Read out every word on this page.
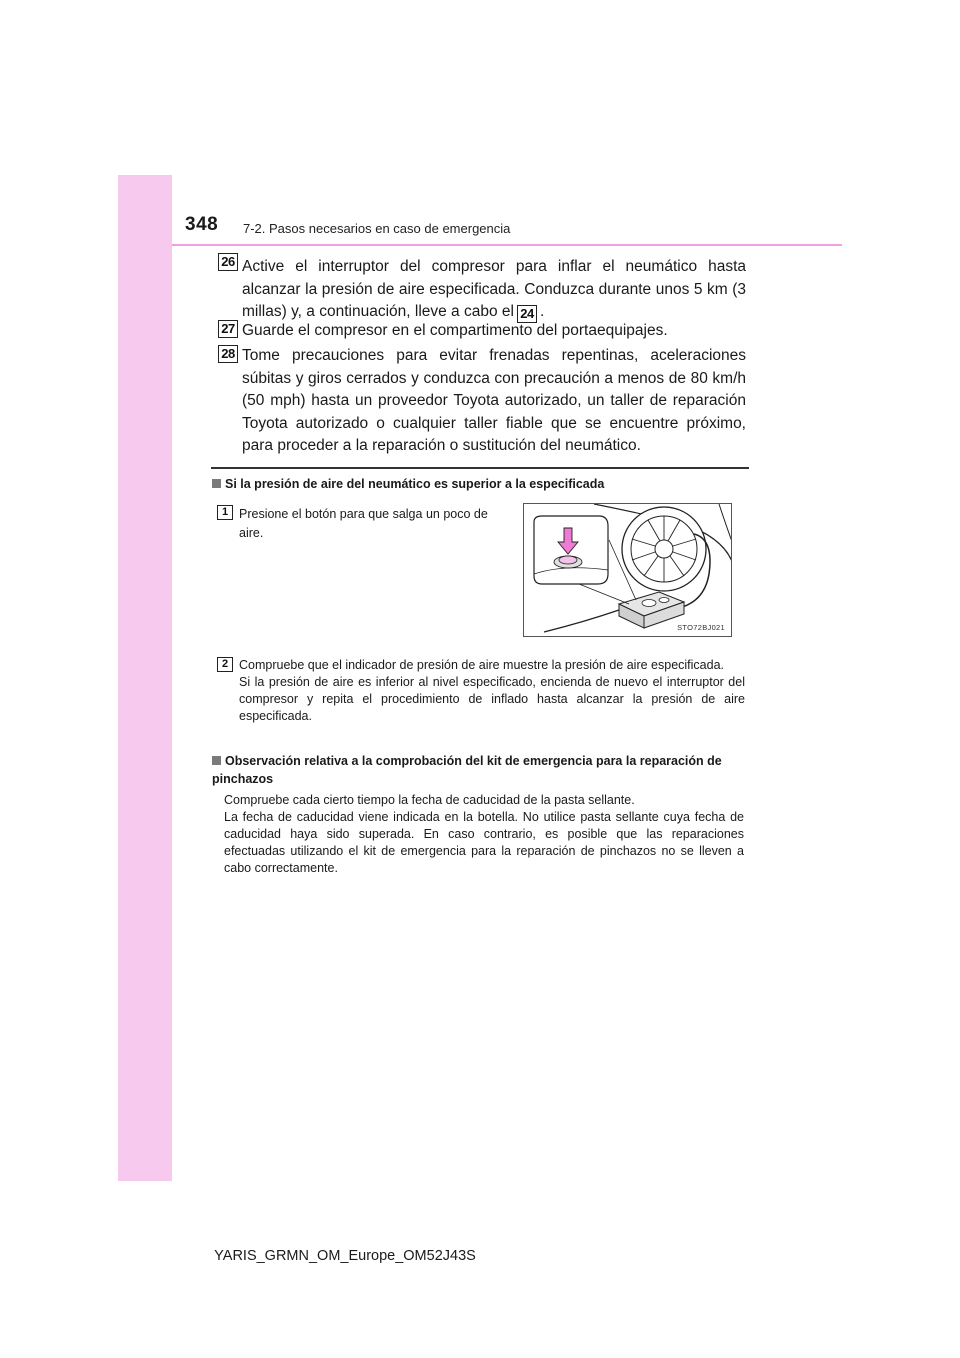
348 7-2. Pasos necesarios en caso de emergencia
26 Active el interruptor del compresor para inflar el neumático hasta alcanzar la presión de aire especificada. Conduzca durante unos 5 km (3 millas) y, a continuación, lleve a cabo el 24 .
27 Guarde el compresor en el compartimento del portaequipajes.
28 Tome precauciones para evitar frenadas repentinas, aceleraciones súbitas y giros cerrados y conduzca con precaución a menos de 80 km/h (50 mph) hasta un proveedor Toyota autorizado, un taller de reparación Toyota autorizado o cualquier taller fiable que se encuentre próximo, para proceder a la reparación o sustitución del neumático.
Si la presión de aire del neumático es superior a la especificada
1 Presione el botón para que salga un poco de aire.
STO72BJ021
2 Compruebe que el indicador de presión de aire muestre la presión de aire especificada.
Si la presión de aire es inferior al nivel especificado, encienda de nuevo el interruptor del compresor y repita el procedimiento de inflado hasta alcanzar la presión de aire especificada.
Observación relativa a la comprobación del kit de emergencia para la reparación de pinchazos
Compruebe cada cierto tiempo la fecha de caducidad de la pasta sellante.
La fecha de caducidad viene indicada en la botella. No utilice pasta sellante cuya fecha de caducidad haya sido superada. En caso contrario, es posible que las reparaciones efectuadas utilizando el kit de emergencia para la reparación de pinchazos no se lleven a cabo correctamente.
YARIS_GRMN_OM_Europe_OM52J43S
